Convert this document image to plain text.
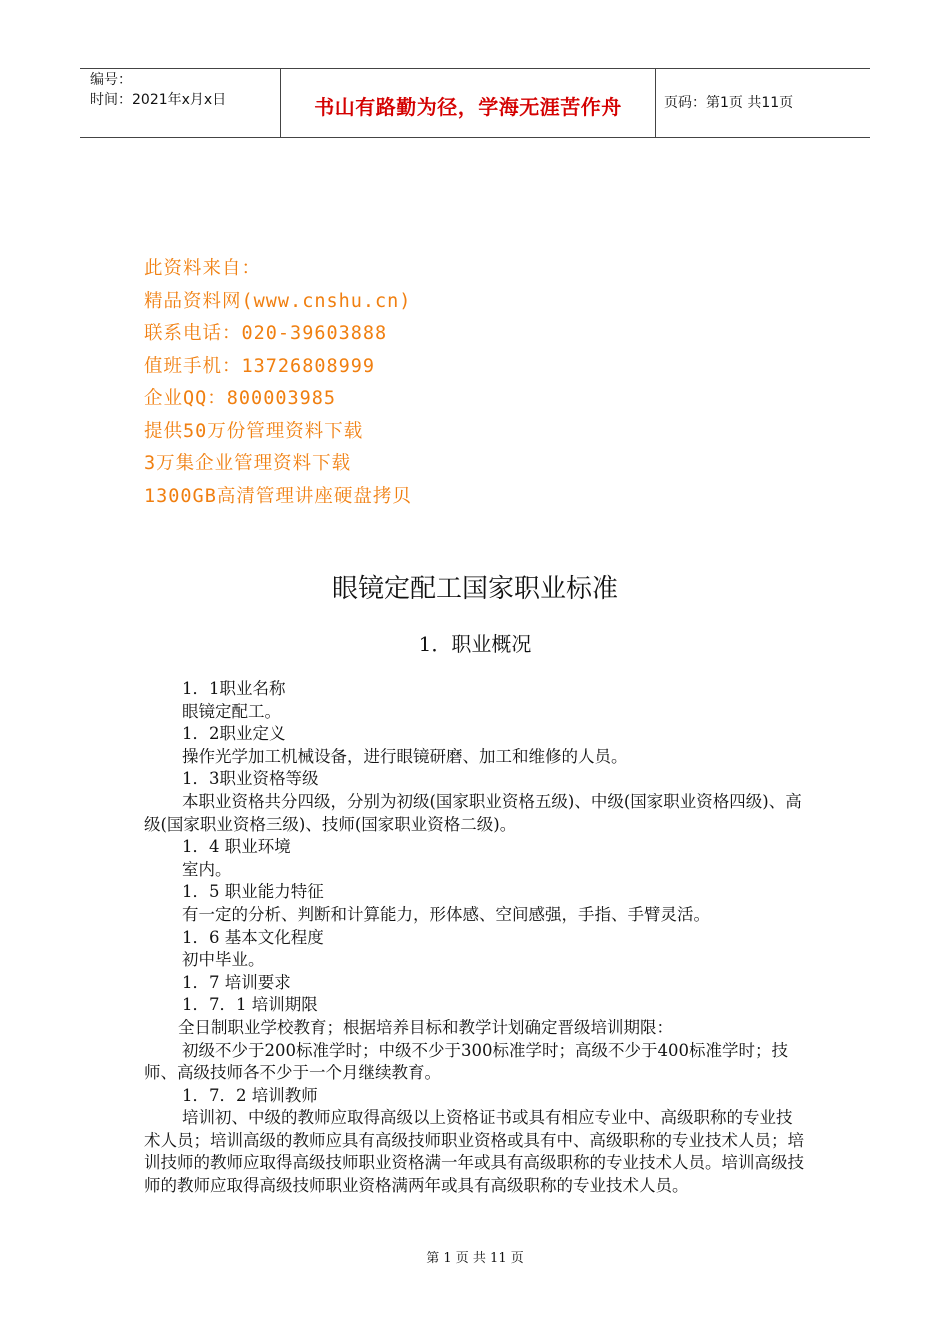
编号：
时间：2021年x月x日	书山有路勤为径，学海无涯苦作舟	页码：第1页 共11页
此资料来自：
精品资料网(www.cnshu.cn)
联系电话：020-39603888
值班手机：13726808999
企业QQ：800003985
提供50万份管理资料下载
3万集企业管理资料下载
1300GB高清管理讲座硬盘拷贝
眼镜定配工国家职业标准
1．职业概况

1．1职业名称

眼镜定配工。

1．2职业定义

操作光学加工机械设备，进行眼镜研磨、加工和维修的人员。

1．3职业资格等级

本职业资格共分四级，分别为初级(国家职业资格五级)、中级(国家职业资格四级)、高级(国家职业资格三级)、技师(国家职业资格二级)。

1．4 职业环境

室内。

1．5 职业能力特征

有一定的分析、判断和计算能力，形体感、空间感强，手指、手臂灵活。

1．6 基本文化程度

初中毕业。

1．7 培训要求

1．7．1 培训期限

全日制职业学校教育；根据培养目标和教学计划确定晋级培训期限：

初级不少于200标准学时；中级不少于300标准学时；高级不少于400标准学时；技师、高级技师各不少于一个月继续教育。

1．7．2 培训教师

培训初、中级的教师应取得高级以上资格证书或具有相应专业中、高级职称的专业技术人员；培训高级的教师应具有高级技师职业资格或具有中、高级职称的专业技术人员；培训技师的教师应取得高级技师职业资格满一年或具有高级职称的专业技术人员。培训高级技师的教师应取得高级技师职业资格满两年或具有高级职称的专业技术人员。

第 1 页 共 11 页
